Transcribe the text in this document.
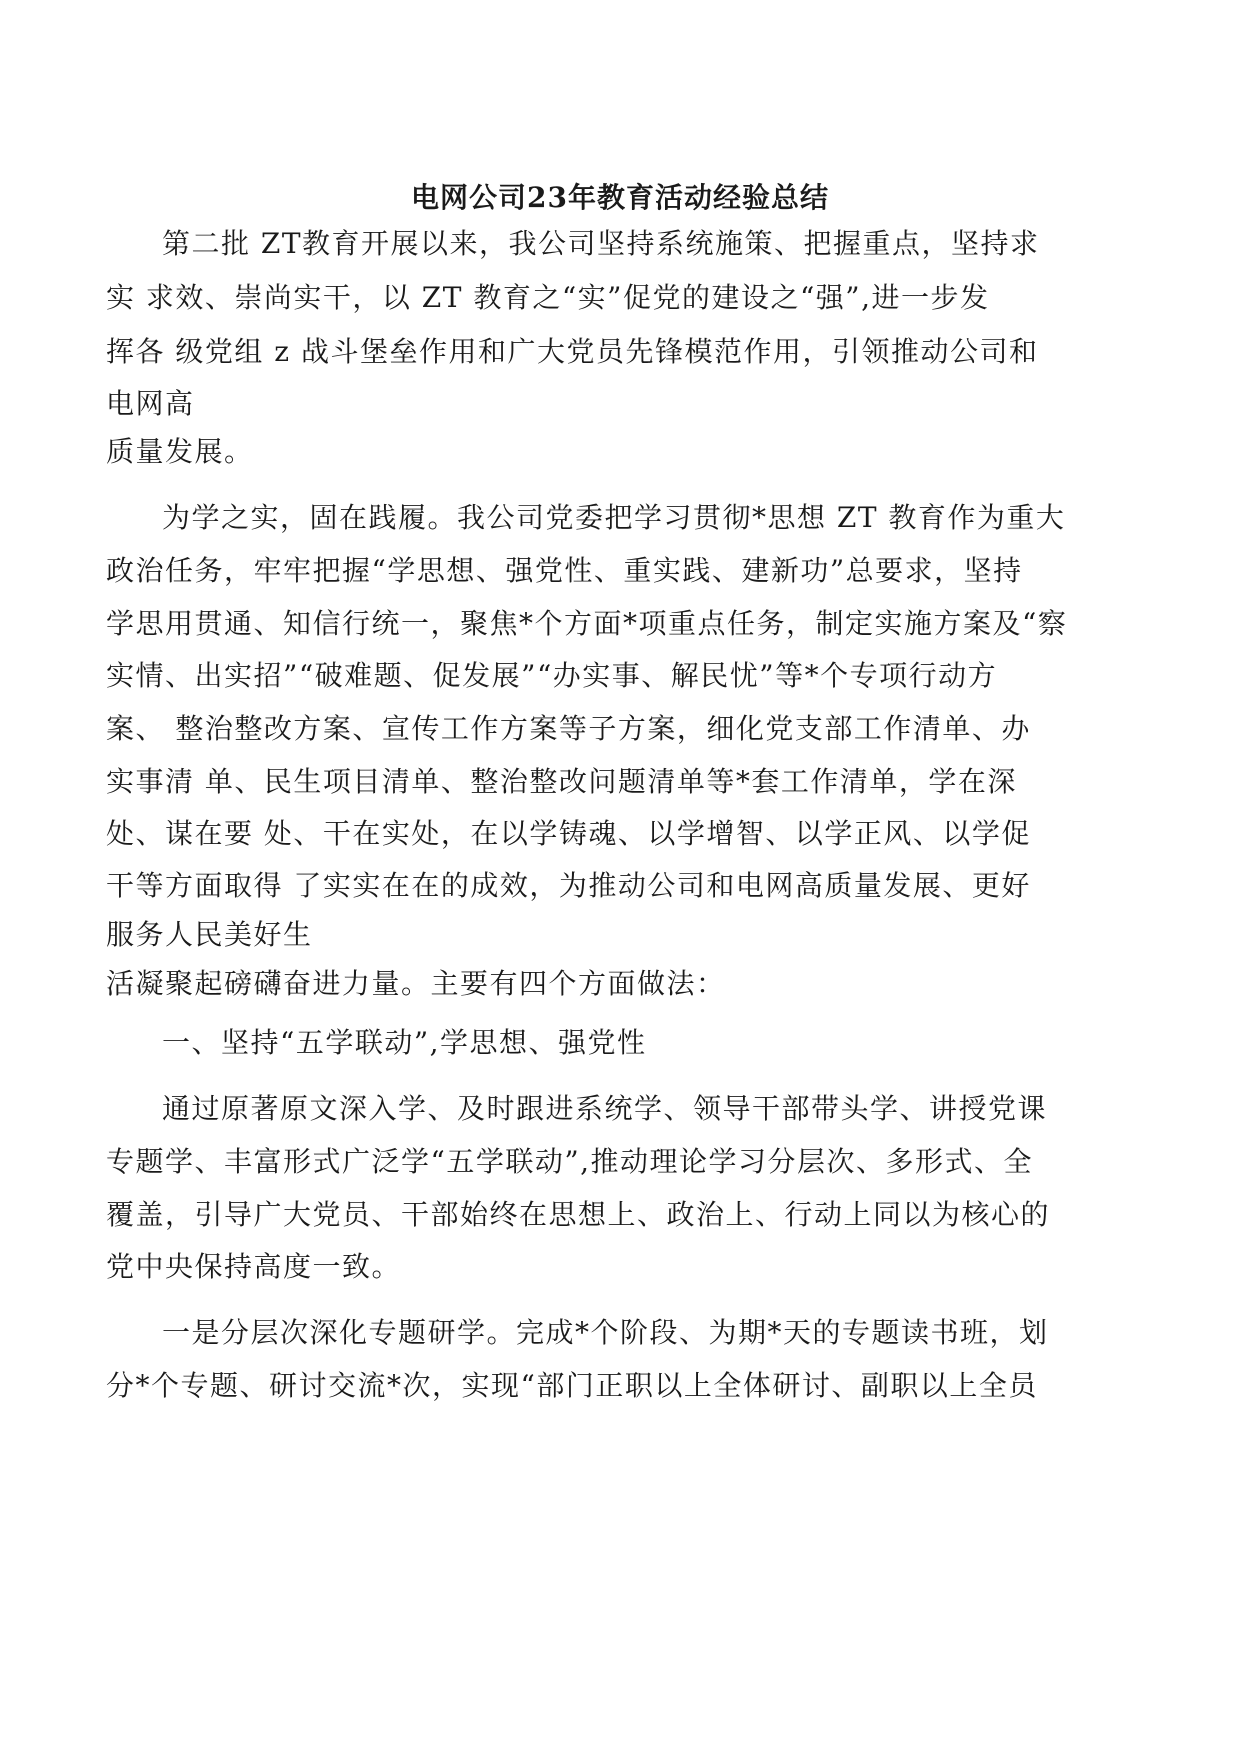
电网公司23年教育活动经验总结

第二批 ZT教育开展以来，我公司坚持系统施策、把握重点，坚持求

实 求效、崇尚实干，以 ZT 教育之“实”促党的建设之“强”,进一步发

挥各 级党组 z 战斗堡垒作用和广大党员先锋模范作用，引领推动公司和

电网高

质量发展。

为学之实，固在践履。我公司党委把学习贯彻*思想 ZT 教育作为重大

政治任务，牢牢把握“学思想、强党性、重实践、建新功”总要求，坚持

学思用贯通、知信行统一，聚焦*个方面*项重点任务，制定实施方案及“察

实情、出实招”“破难题、促发展”“办实事、解民忧”等*个专项行动方

案、 整治整改方案、宣传工作方案等子方案，细化党支部工作清单、办

实事清 单、民生项目清单、整治整改问题清单等*套工作清单，学在深

处、谋在要 处、干在实处，在以学铸魂、以学增智、以学正风、以学促

干等方面取得 了实实在在的成效，为推动公司和电网高质量发展、更好

服务人民美好生

活凝聚起磅礴奋进力量。主要有四个方面做法：

一、坚持“五学联动”,学思想、强党性

通过原著原文深入学、及时跟进系统学、领导干部带头学、讲授党课

专题学、丰富形式广泛学“五学联动”,推动理论学习分层次、多形式、全

覆盖，引导广大党员、干部始终在思想上、政治上、行动上同以为核心的

党中央保持高度一致。

一是分层次深化专题研学。完成*个阶段、为期*天的专题读书班，划

分*个专题、研讨交流*次，实现“部门正职以上全体研讨、副职以上全员
